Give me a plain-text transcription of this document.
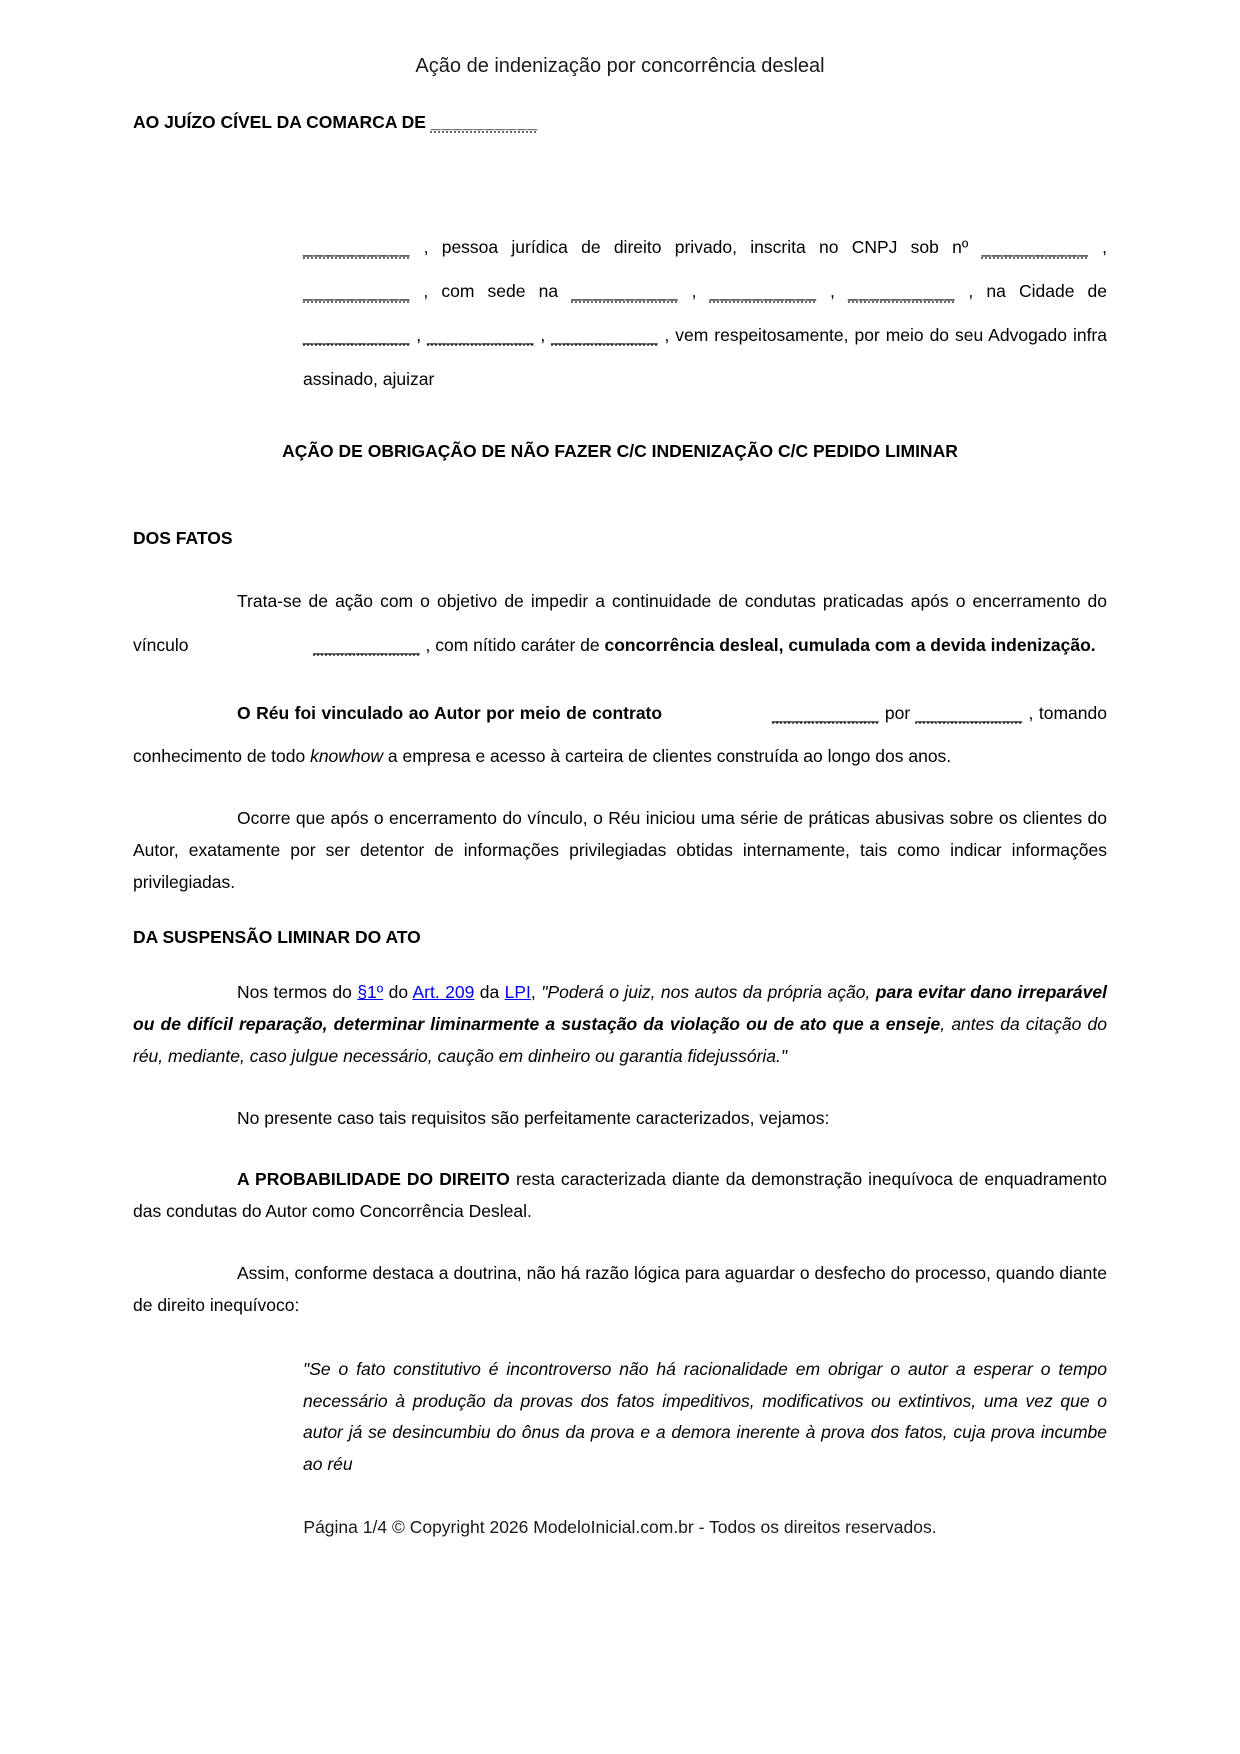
Ação de indenização por concorrência desleal
AO JUÍZO CÍVEL DA COMARCA DE __________
__________ , pessoa jurídica de direito privado, inscrita no CNPJ sob nº __________ , __________ , com sede na __________ , __________ , __________ , na Cidade de __________ , __________ , __________ , vem respeitosamente, por meio do seu Advogado infra assinado, ajuizar
AÇÃO DE OBRIGAÇÃO DE NÃO FAZER C/C INDENIZAÇÃO C/C PEDIDO LIMINAR
DOS FATOS
Trata-se de ação com o objetivo de impedir a continuidade de condutas praticadas após o encerramento do vínculo	__________ , com nítido caráter de concorrência desleal, cumulada com a devida indenização.
O Réu foi vinculado ao Autor por meio de contrato	__________ por __________ , tomando conhecimento de todo knowhow a empresa e acesso à carteira de clientes construída ao longo dos anos.
Ocorre que após o encerramento do vínculo, o Réu iniciou uma série de práticas abusivas sobre os clientes do Autor, exatamente por ser detentor de informações privilegiadas obtidas internamente, tais como indicar informações privilegiadas.
DA SUSPENSÃO LIMINAR DO ATO
Nos termos do §1º do Art. 209 da LPI, "Poderá o juiz, nos autos da própria ação, para evitar dano irreparável ou de difícil reparação, determinar liminarmente a sustação da violação ou de ato que a enseje, antes da citação do réu, mediante, caso julgue necessário, caução em dinheiro ou garantia fidejussória."
No presente caso tais requisitos são perfeitamente caracterizados, vejamos:
A PROBABILIDADE DO DIREITO resta caracterizada diante da demonstração inequívoca de enquadramento das condutas do Autor como Concorrência Desleal.
Assim, conforme destaca a doutrina, não há razão lógica para aguardar o desfecho do processo, quando diante de direito inequívoco:
"Se o fato constitutivo é incontroverso não há racionalidade em obrigar o autor a esperar o tempo necessário à produção da provas dos fatos impeditivos, modificativos ou extintivos, uma vez que o autor já se desincumbiu do ônus da prova e a demora inerente à prova dos fatos, cuja prova incumbe ao réu
Página 1/4 © Copyright 2026 ModeloInicial.com.br - Todos os direitos reservados.
